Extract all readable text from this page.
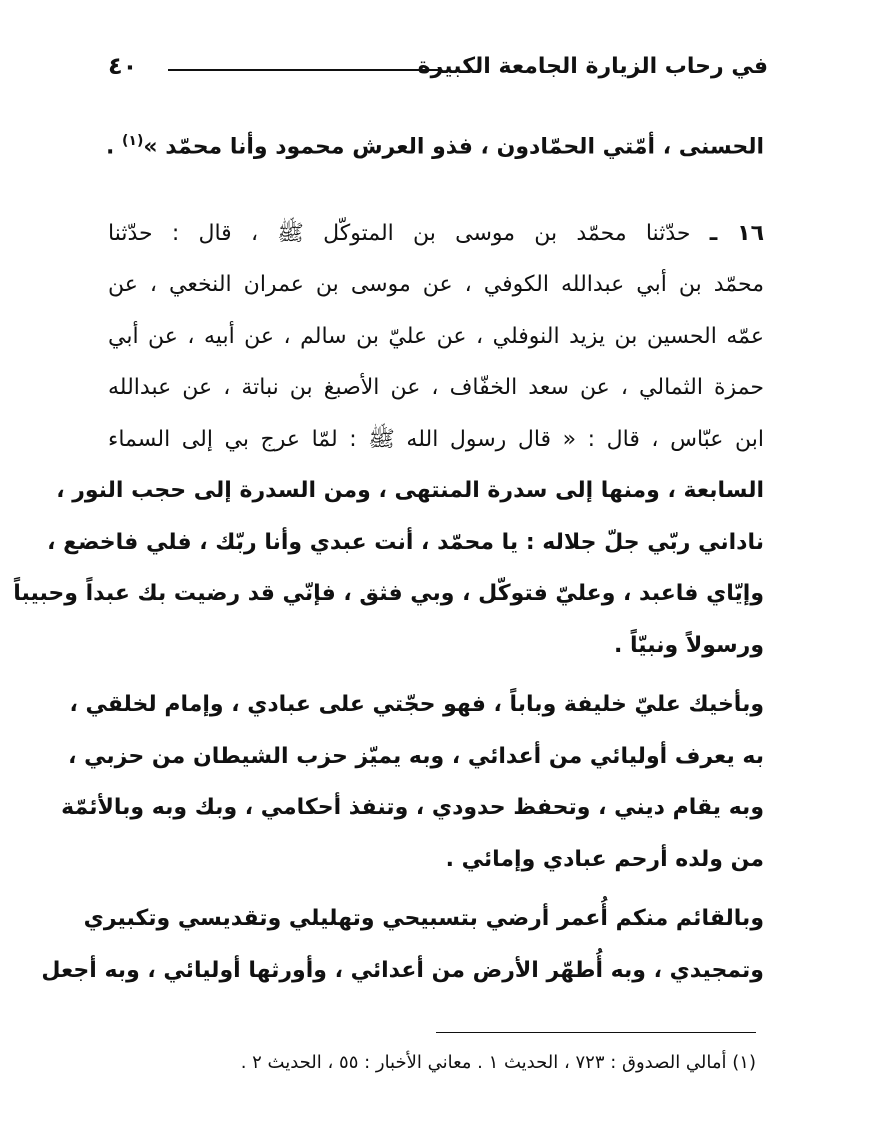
في رحاب الزيارة الجامعة الكبيرة
٤٠
الحسنى ، أمّتي الحمّادون ، فذو العرش محمود وأنا محمّد »$^{(١)}$ .
١٦ ـ حدّثنا محمّد بن موسى بن المتوكّل ﷺ ، قال : حدّثنا
محمّد بن أبي عبدالله الكوفي ، عن موسى بن عمران النخعي ، عن
عمّه الحسين بن يزيد النوفلي ، عن عليّ بن سالم ، عن أبيه ، عن أبي
حمزة الثمالي ، عن سعد الخفّاف ، عن الأصبغ بن نباتة ، عن عبدالله
ابن عبّاس ، قال : « قال رسول الله ﷺ : لمّا عرج بي إلى السماء
السابعة ، ومنها إلى سدرة المنتهى ، ومن السدرة إلى حجب النور ،
ناداني ربّي جلّ جلاله : يا محمّد ، أنت عبدي وأنا ربّك ، فلي فاخضع ،
وإيّاي فاعبد ، وعليّ فتوكّل ، وبي فثق ، فإنّي قد رضيت بك عبداً وحبيباً
ورسولاً ونبيّاً .
وبأخيك عليّ خليفة وباباً ، فهو حجّتي على عبادي ، وإمام لخلقي ،
به يعرف أوليائي من أعدائي ، وبه يميّز حزب الشيطان من حزبي ،
وبه يقام ديني ، وتحفظ حدودي ، وتنفذ أحكامي ، وبك وبه وبالأئمّة
من ولده أرحم عبادي وإمائي .
وبالقائم منكم أُعمر أرضي بتسبيحي وتهليلي وتقديسي وتكبيري
وتمجيدي ، وبه أُطهّر الأرض من أعدائي ، وأورثها أوليائي ، وبه أجعل
(١) أمالي الصدوق : ٧٢٣ ، الحديث ١ . معاني الأخبار : ٥٥ ، الحديث ٢ .
